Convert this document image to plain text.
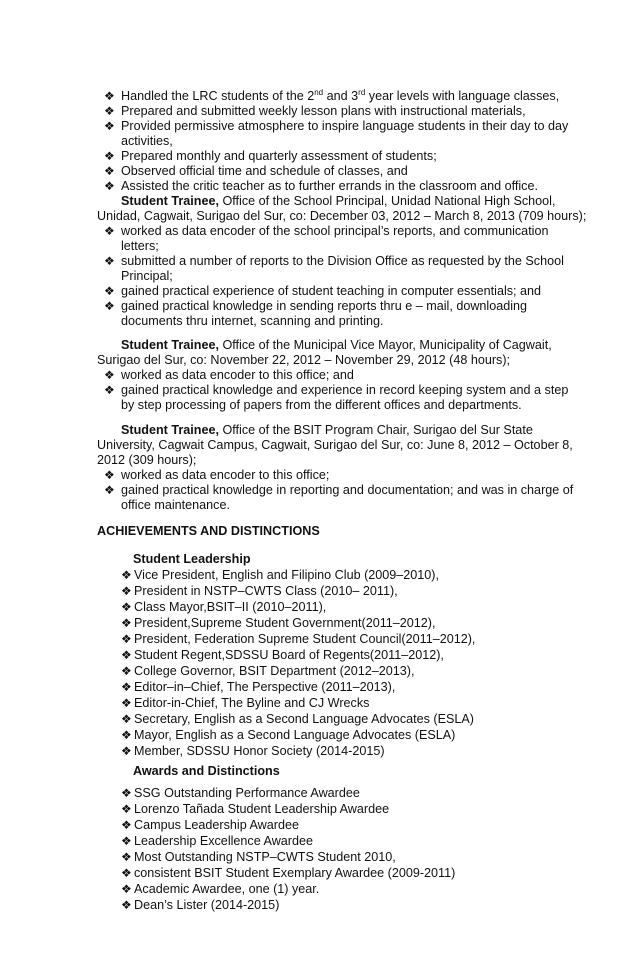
❖ Handled the LRC students of the 2nd and 3rd year levels with language classes,
❖ Prepared and submitted weekly lesson plans with instructional materials,
❖ Provided permissive atmosphere to inspire language students in their day to day
activities,
❖ Prepared monthly and quarterly assessment of students;
❖ Observed official time and schedule of classes, and
❖ Assisted the critic teacher as to further errands in the classroom and office.
Student Trainee, Office of the School Principal, Unidad National High School,
Unidad, Cagwait, Surigao del Sur, co: December 03, 2012 – March 8, 2013 (709 hours);
❖ worked as data encoder of the school principal’s reports, and communication
letters;
❖ submitted a number of reports to the Division Office as requested by the School
Principal;
❖ gained practical experience of student teaching in computer essentials; and
❖ gained practical knowledge in sending reports thru e – mail, downloading
documents thru internet, scanning and printing.
Student Trainee, Office of the Municipal Vice Mayor, Municipality of Cagwait,
Surigao del Sur, co: November 22, 2012 – November 29, 2012 (48 hours);
❖ worked as data encoder to this office; and
❖ gained practical knowledge and experience in record keeping system and a step
by step processing of papers from the different offices and departments.
Student Trainee, Office of the BSIT Program Chair, Surigao del Sur State
University, Cagwait Campus, Cagwait, Surigao del Sur, co: June 8, 2012 – October 8,
2012 (309 hours);
❖ worked as data encoder to this office;
❖ gained practical knowledge in reporting and documentation; and was in charge of
office maintenance.
ACHIEVEMENTS AND DISTINCTIONS
Student Leadership
❖ Vice President, English and Filipino Club (2009–2010),
❖ President in NSTP–CWTS Class (2010– 2011),
❖ Class Mayor,BSIT–II (2010–2011),
❖ President,Supreme Student Government(2011–2012),
❖ President, Federation Supreme Student Council(2011–2012),
❖ Student Regent,SDSSU Board of Regents(2011–2012),
❖ College Governor, BSIT Department (2012–2013),
❖ Editor–in–Chief, The Perspective (2011–2013),
❖ Editor-in-Chief, The Byline and CJ Wrecks
❖ Secretary, English as a Second Language Advocates (ESLA)
❖ Mayor, English as a Second Language Advocates (ESLA)
❖ Member, SDSSU Honor Society (2014-2015)
Awards and Distinctions
❖ SSG Outstanding Performance Awardee
❖ Lorenzo Tañada Student Leadership Awardee
❖ Campus Leadership Awardee
❖ Leadership Excellence Awardee
❖ Most Outstanding NSTP–CWTS Student 2010,
❖ consistent BSIT Student Exemplary Awardee (2009-2011)
❖ Academic Awardee, one (1) year.
❖ Dean’s Lister (2014-2015)
